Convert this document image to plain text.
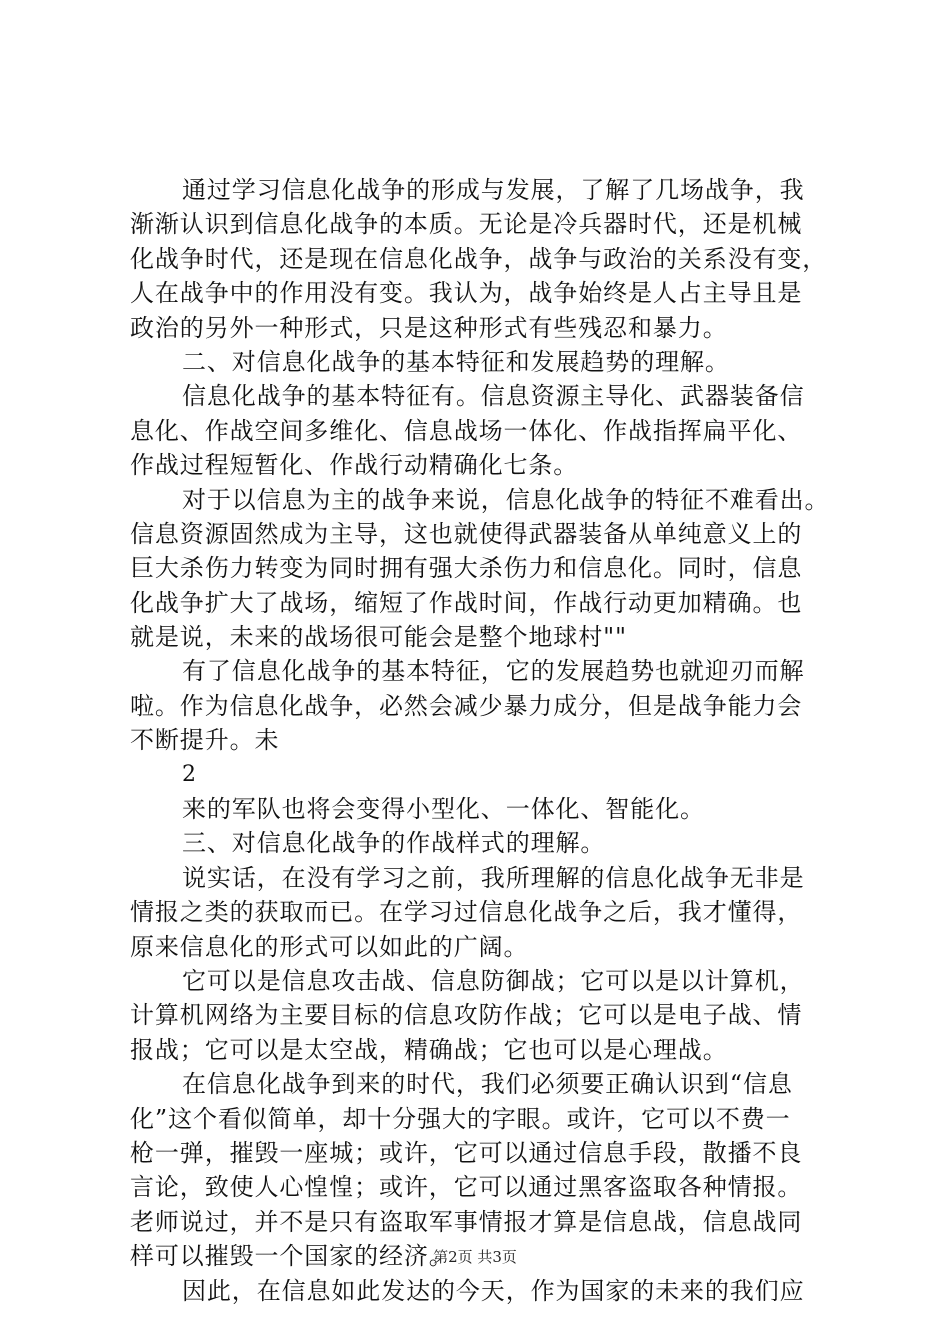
通过学习信息化战争的形成与发展，了解了几场战争，我
渐渐认识到信息化战争的本质。无论是冷兵器时代，还是机械
化战争时代，还是现在信息化战争，战争与政治的关系没有变，
人在战争中的作用没有变。我认为，战争始终是人占主导且是
政治的另外一种形式，只是这种形式有些残忍和暴力。
二、对信息化战争的基本特征和发展趋势的理解。
信息化战争的基本特征有。信息资源主导化、武器装备信
息化、作战空间多维化、信息战场一体化、作战指挥扁平化、
作战过程短暂化、作战行动精确化七条。
对于以信息为主的战争来说，信息化战争的特征不难看出。
信息资源固然成为主导，这也就使得武器装备从单纯意义上的
巨大杀伤力转变为同时拥有强大杀伤力和信息化。同时，信息
化战争扩大了战场，缩短了作战时间，作战行动更加精确。也
就是说，未来的战场很可能会是整个地球村""
有了信息化战争的基本特征，它的发展趋势也就迎刃而解
啦。作为信息化战争，必然会减少暴力成分，但是战争能力会
不断提升。未
2
来的军队也将会变得小型化、一体化、智能化。
三、对信息化战争的作战样式的理解。
说实话，在没有学习之前，我所理解的信息化战争无非是
情报之类的获取而已。在学习过信息化战争之后，我才懂得，
原来信息化的形式可以如此的广阔。
它可以是信息攻击战、信息防御战；它可以是以计算机，
计算机网络为主要目标的信息攻防作战；它可以是电子战、情
报战；它可以是太空战，精确战；它也可以是心理战。
在信息化战争到来的时代，我们必须要正确认识到“信息
化”这个看似简单，却十分强大的字眼。或许，它可以不费一
枪一弹，摧毁一座城；或许，它可以通过信息手段，散播不良
言论，致使人心惶惶；或许，它可以通过黑客盗取各种情报。
老师说过，并不是只有盗取军事情报才算是信息战，信息战同
样可以摧毁一个国家的经济。
因此，在信息如此发达的今天，作为国家的未来的我们应
第2页 共3页
